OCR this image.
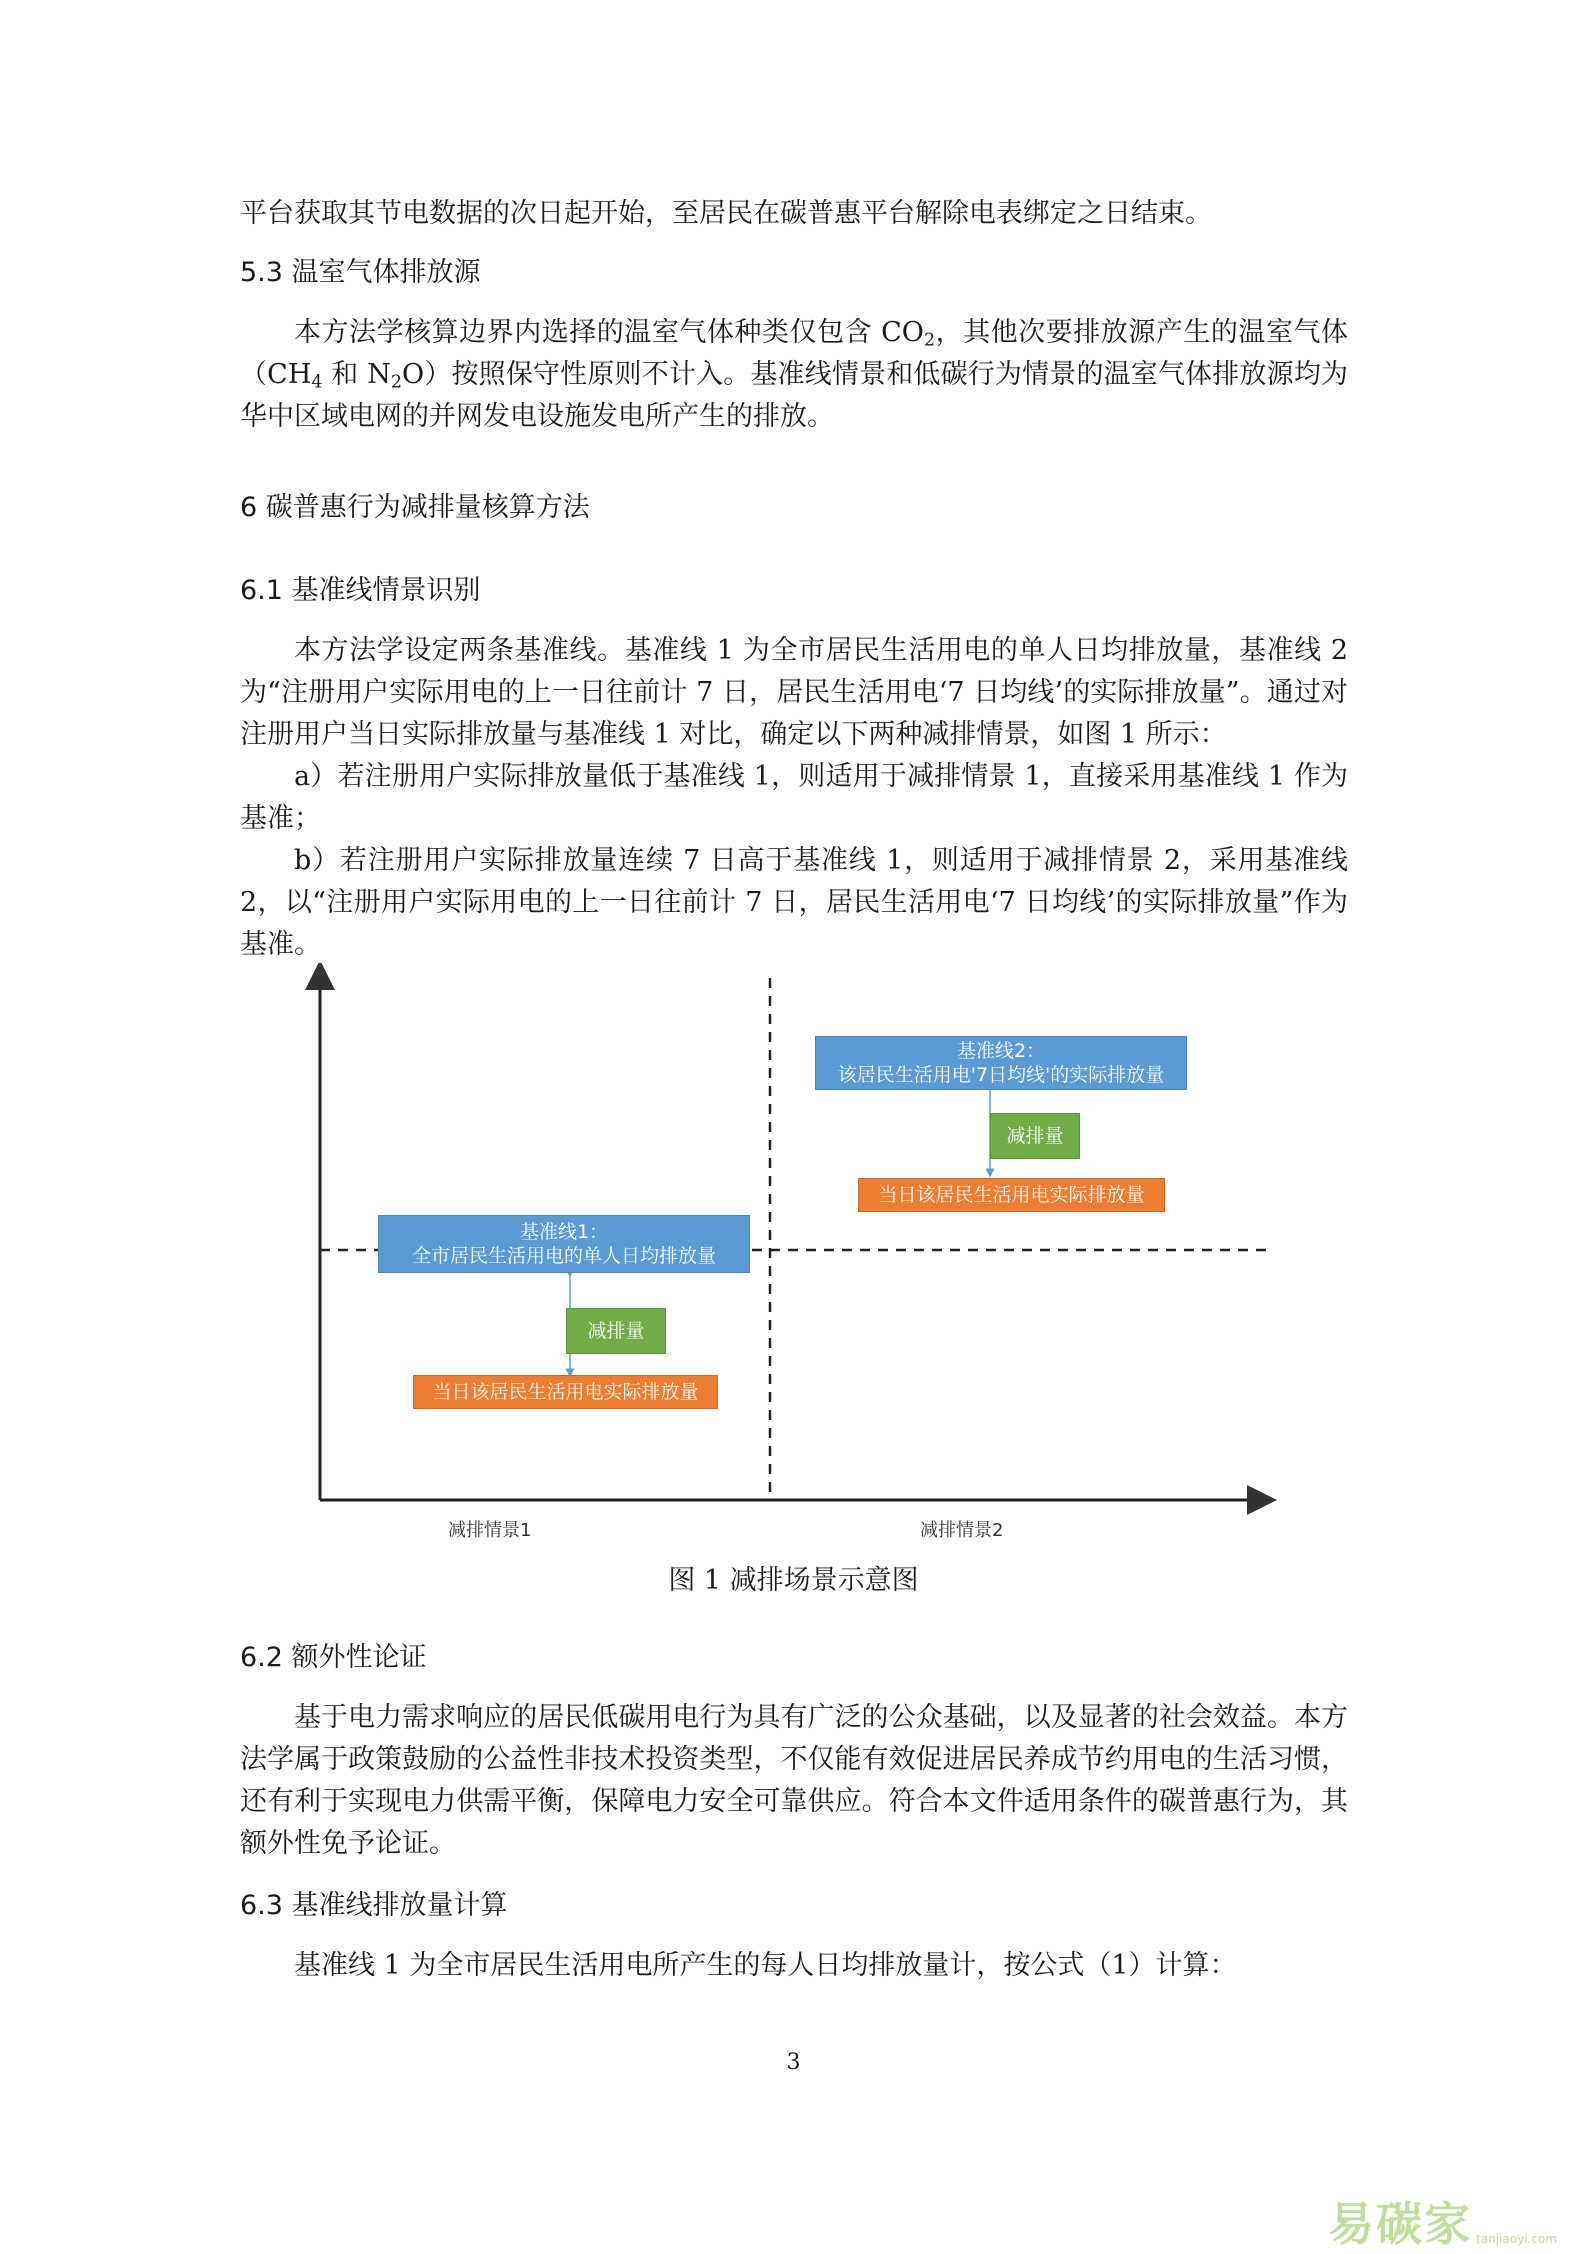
平台获取其节电数据的次日起开始，至居民在碳普惠平台解除电表绑定之日结束。

5.3 温室气体排放源

本方法学核算边界内选择的温室气体种类仅包含 $CO_2$，其他次要排放源产生的温室气体（$CH_4$ 和 $N_2O$）按照保守性原则不计入。基准线情景和低碳行为情景的温室气体排放源均为华中区域电网的并网发电设施发电所产生的排放。

6 碳普惠行为减排量核算方法
6.1 基准线情景识别

本方法学设定两条基准线。基准线 1 为全市居民生活用电的单人日均排放量，基准线 2 为“注册用户实际用电的上一日往前计 7 日，居民生活用电‘7 日均线’的实际排放量”。通过对注册用户当日实际排放量与基准线 1 对比，确定以下两种减排情景，如图 1 所示：

a）若注册用户实际排放量低于基准线 1，则适用于减排情景 1，直接采用基准线 1 作为基准；

b）若注册用户实际排放量连续 7 日高于基准线 1，则适用于减排情景 2，采用基准线 2，以“注册用户实际用电的上一日往前计 7 日，居民生活用电‘7 日均线’的实际排放量”作为基准。

基准线1：
全市居民生活用电的单人日均排放量
减排量
当日该居民生活用电实际排放量
基准线2：
该居民生活用电'7日均线'的实际排放量
减排量
当日该居民生活用电实际排放量
减排情景1	减排情景2
图 1 减排场景示意图
6.2 额外性论证

基于电力需求响应的居民低碳用电行为具有广泛的公众基础，以及显著的社会效益。本方法学属于政策鼓励的公益性非技术投资类型，不仅能有效促进居民养成节约用电的生活习惯，还有利于实现电力供需平衡，保障电力安全可靠供应。符合本文件适用条件的碳普惠行为，其额外性免予论证。

6.3 基准线排放量计算

基准线 1 为全市居民生活用电所产生的每人日均排放量计，按公式（1）计算：

3
易碳家 tanjiaoyi.com
